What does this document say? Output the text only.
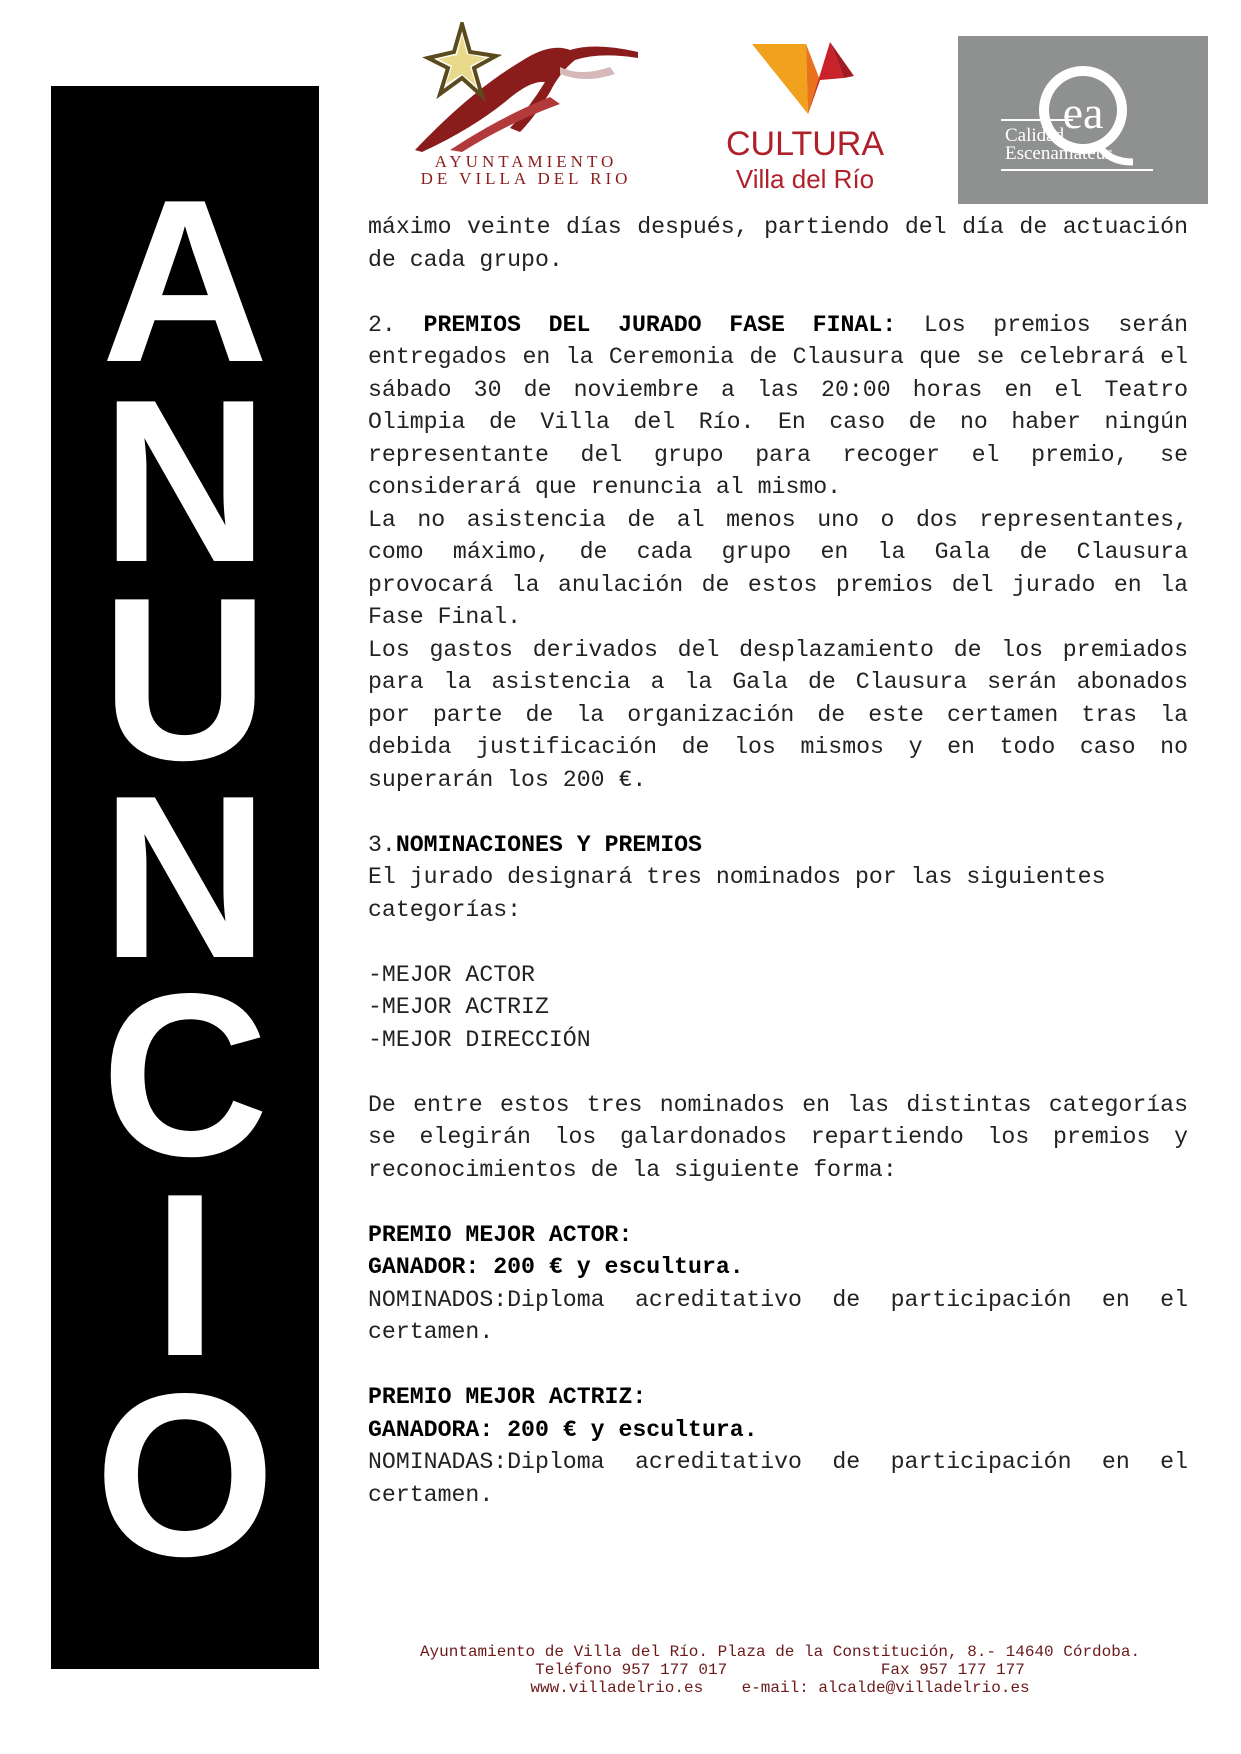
A
N
U
N
C
I
O
AYUNTAMIENTO
DE VILLA DEL RIO
CULTURA
Villa del Río
ea
Calidad
Escenamateur

máximo veinte días después, partiendo del día de actuación de cada grupo.

2. PREMIOS DEL JURADO FASE FINAL: Los premios serán entregados en la Ceremonia de Clausura que se celebrará el sábado 30 de noviembre a las 20:00 horas en el Teatro Olimpia de Villa del Río. En caso de no haber ningún representante del grupo para recoger el premio, se considerará que renuncia al mismo.

La no asistencia de al menos uno o dos representantes, como máximo, de cada grupo en la Gala de Clausura provocará la anulación de estos premios del jurado en la Fase Final.

Los gastos derivados del desplazamiento de los premiados para la asistencia a la Gala de Clausura serán abonados por parte de la organización de este certamen tras la debida justificación de los mismos y en todo caso no superarán los 200 €.

3.NOMINACIONES Y PREMIOS

El jurado designará tres nominados por las siguientes categorías:

-MEJOR ACTOR

-MEJOR ACTRIZ

-MEJOR DIRECCIÓN

De entre estos tres nominados en las distintas categorías se elegirán los galardonados repartiendo los premios y reconocimientos de la siguiente forma:

PREMIO MEJOR ACTOR:

GANADOR: 200 € y escultura.

NOMINADOS:Diploma acreditativo de participación en el certamen.

PREMIO MEJOR ACTRIZ:

GANADORA: 200 € y escultura.

NOMINADAS:Diploma acreditativo de participación en el certamen.

Ayuntamiento de Villa del Río. Plaza de la Constitución, 8.- 14640 Córdoba.
Teléfono 957 177 017	Fax 957 177 177
www.villadelrio.es e-mail: alcalde@villadelrio.es
